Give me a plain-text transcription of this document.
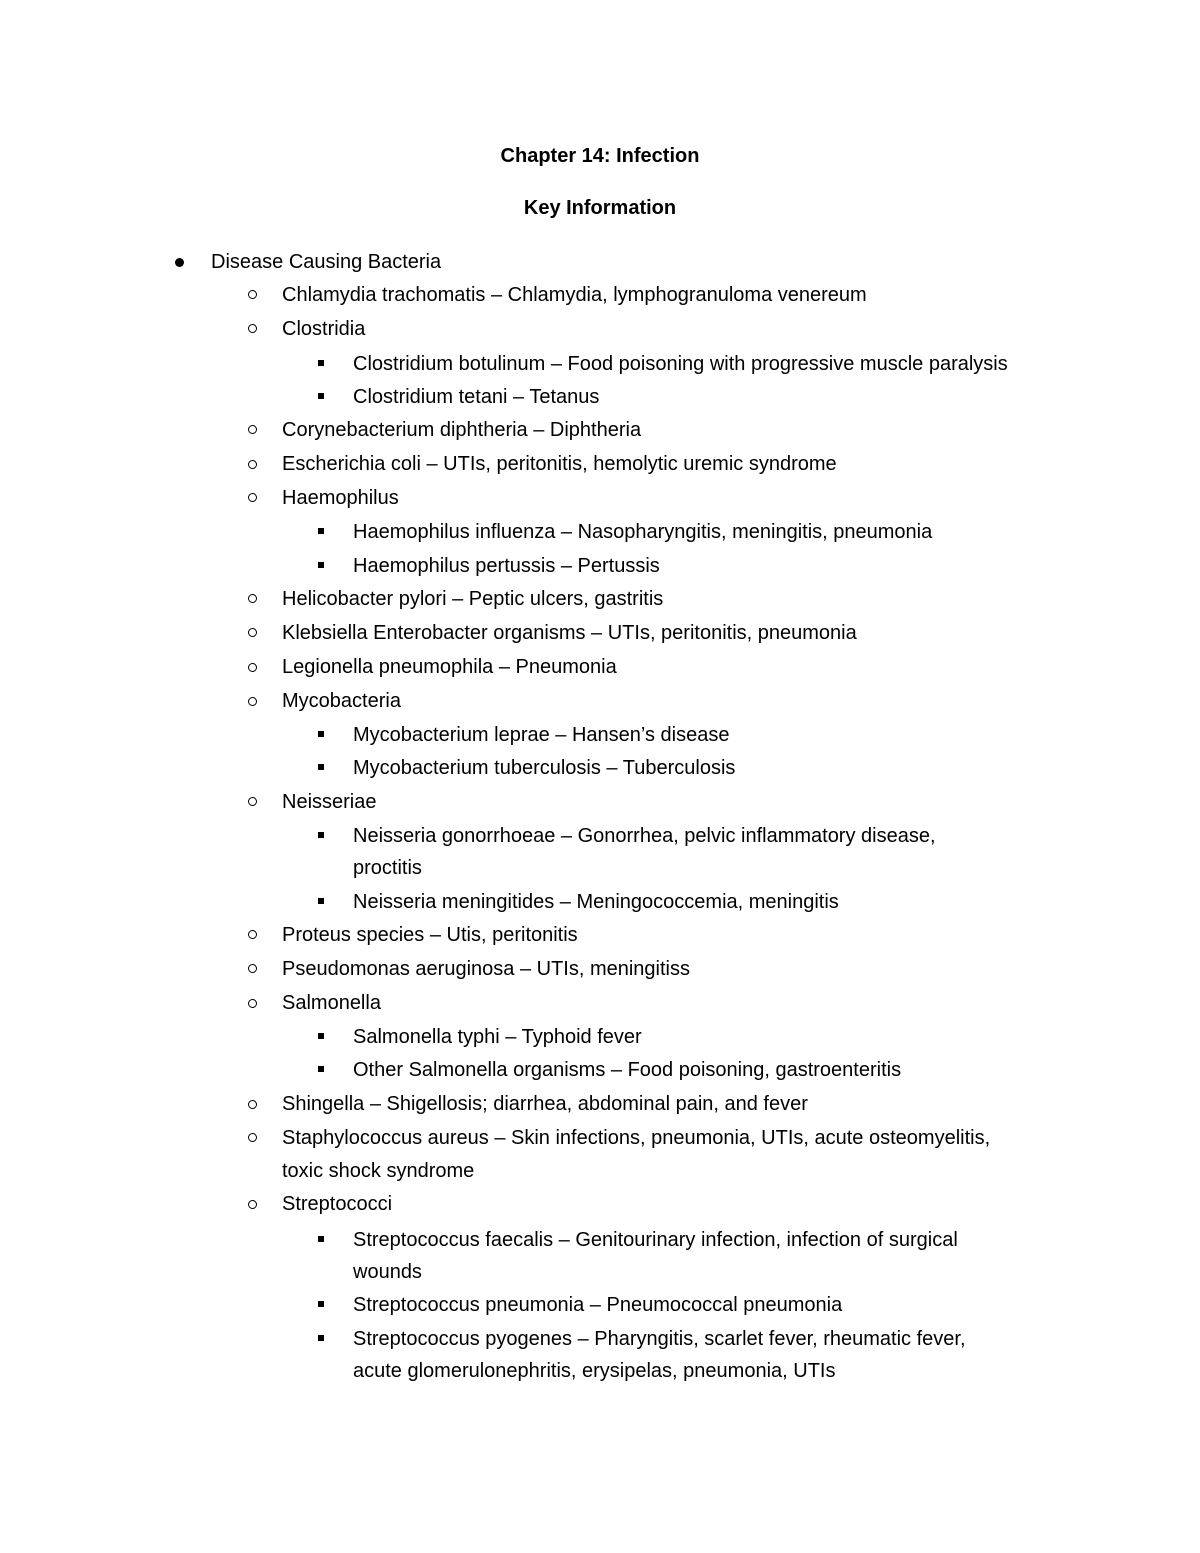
Chapter 14: Infection
Key Information
Disease Causing Bacteria
Chlamydia trachomatis – Chlamydia, lymphogranuloma venereum
Clostridia
Clostridium botulinum – Food poisoning with progressive muscle paralysis
Clostridium tetani – Tetanus
Corynebacterium diphtheria – Diphtheria
Escherichia coli – UTIs, peritonitis, hemolytic uremic syndrome
Haemophilus
Haemophilus influenza – Nasopharyngitis, meningitis, pneumonia
Haemophilus pertussis – Pertussis
Helicobacter pylori – Peptic ulcers, gastritis
Klebsiella Enterobacter organisms – UTIs, peritonitis, pneumonia
Legionella pneumophila – Pneumonia
Mycobacteria
Mycobacterium leprae – Hansen’s disease
Mycobacterium tuberculosis – Tuberculosis
Neisseriae
Neisseria gonorrhoeae – Gonorrhea, pelvic inflammatory disease,
proctitis
Neisseria meningitides – Meningococcemia, meningitis
Proteus species – Utis, peritonitis
Pseudomonas aeruginosa – UTIs, meningitiss
Salmonella
Salmonella typhi – Typhoid fever
Other Salmonella organisms – Food poisoning, gastroenteritis
Shingella – Shigellosis; diarrhea, abdominal pain, and fever
Staphylococcus aureus – Skin infections, pneumonia, UTIs, acute osteomyelitis,
toxic shock syndrome
Streptococci
Streptococcus faecalis – Genitourinary infection, infection of surgical
wounds
Streptococcus pneumonia – Pneumococcal pneumonia
Streptococcus pyogenes – Pharyngitis, scarlet fever, rheumatic fever,
acute glomerulonephritis, erysipelas, pneumonia, UTIs
